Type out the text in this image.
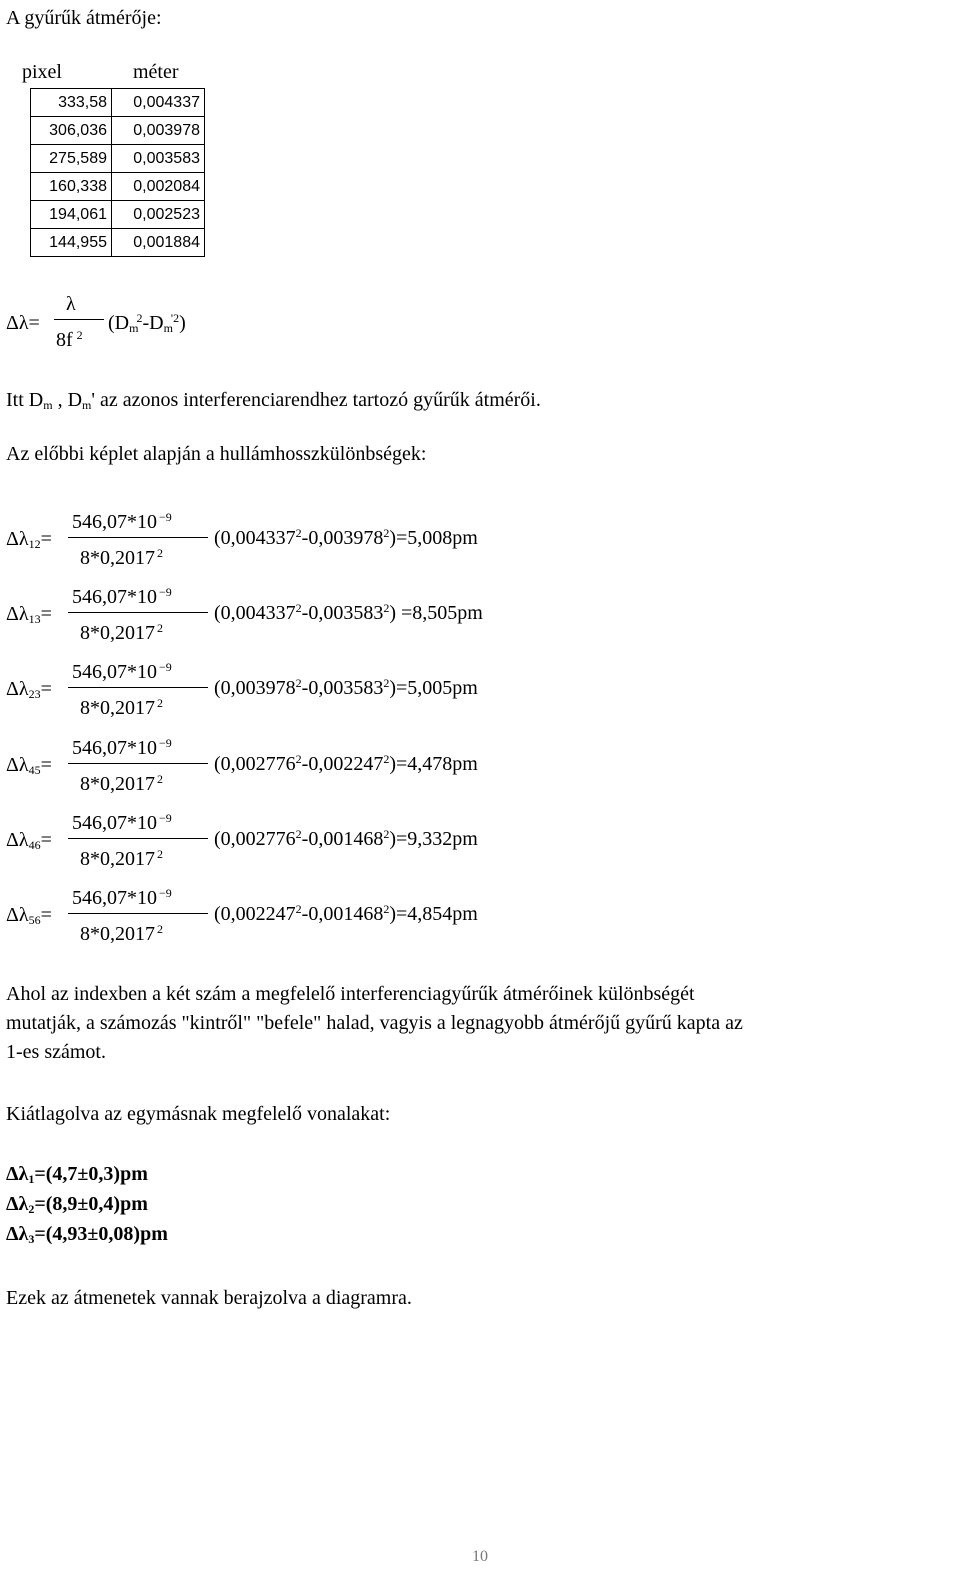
A gyűrűk átmérője:
pixel	méter
333,58	0,004337
306,036	0,003978
275,589	0,003583
160,338	0,002084
194,061	0,002523
144,955	0,001884
Δλ=
λ
8f $^2$
$(D_m^2-D_m^{'2})$
Itt $D_m$ , $D_m'$ az azonos interferenciarendhez tartozó gyűrűk átmérői.
Az előbbi képlet alapján a hullámhosszkülönbségek:
$\Delta\lambda_{12}=$
546,07*10 $^{-9}$
8*0,2017 $^2$
$(0,004337^2-0,003978^2)=5,008pm$
$\Delta\lambda_{13}=$
546,07*10 $^{-9}$
8*0,2017 $^2$
$(0,004337^2-0,003583^2) =8,505pm$
$\Delta\lambda_{23}=$
546,07*10 $^{-9}$
8*0,2017 $^2$
$(0,003978^2-0,003583^2)=5,005pm$
$\Delta\lambda_{45}=$
546,07*10 $^{-9}$
8*0,2017 $^2$
$(0,002776^2-0,002247^2)=4,478pm$
$\Delta\lambda_{46}=$
546,07*10 $^{-9}$
8*0,2017 $^2$
$(0,002776^2-0,001468^2)=9,332pm$
$\Delta\lambda_{56}=$
546,07*10 $^{-9}$
8*0,2017 $^2$
$(0,002247^2-0,001468^2)=4,854pm$
Ahol az indexben a két szám a megfelelő interferenciagyűrűk átmérőinek különbségét
mutatják, a számozás "kintről" "befele" halad, vagyis a legnagyobb átmérőjű gyűrű kapta az
1-es számot.
Kiátlagolva az egymásnak megfelelő vonalakat:
$\Delta\lambda_1=(4,7\pm 0,3)pm$
$\Delta\lambda_2=(8,9\pm 0,4)pm$
$\Delta\lambda_3=(4,93\pm 0,08)pm$
Ezek az átmenetek vannak berajzolva a diagramra.
10
